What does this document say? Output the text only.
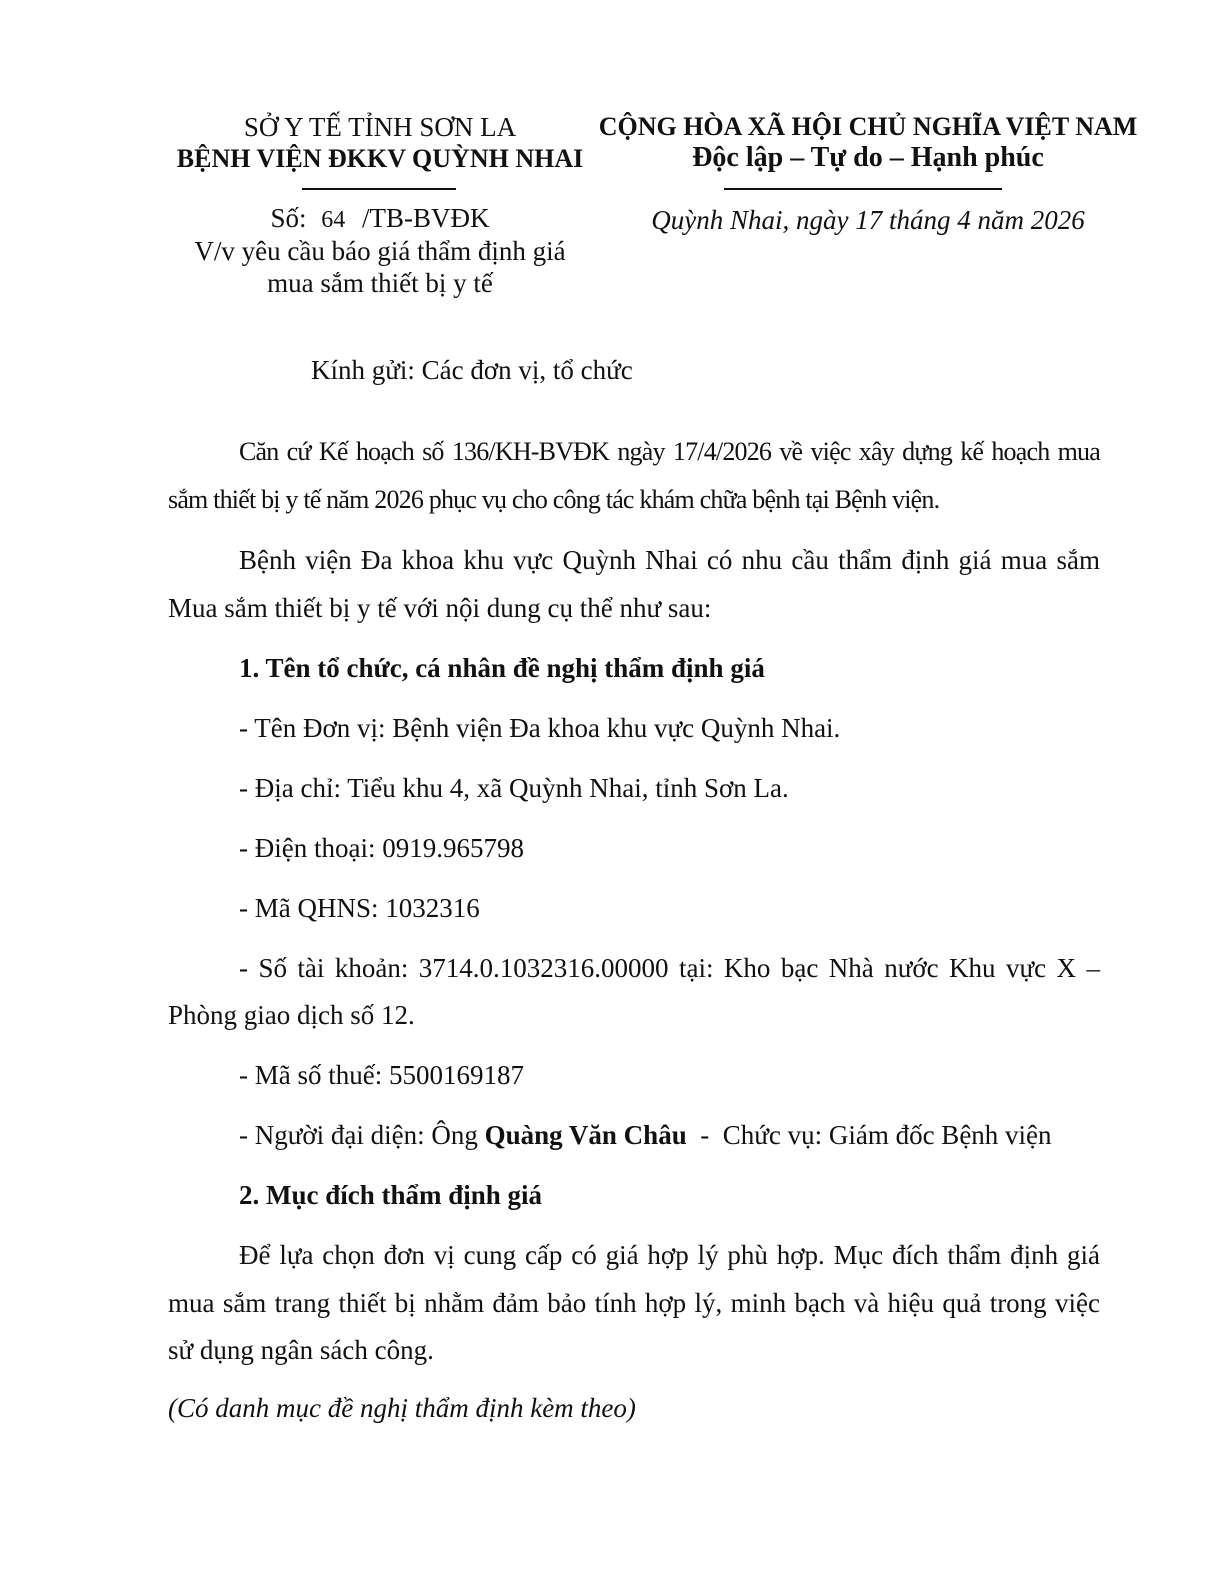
SỞ Y TẾ TỈNH SƠN LA
BỆNH VIỆN ĐKKV QUỲNH NHAI
Số: 64 /TB-BVĐK
V/v yêu cầu báo giá thẩm định giá
mua sắm thiết bị y tế
CỘNG HÒA XÃ HỘI CHỦ NGHĨA VIỆT NAM
Độc lập – Tự do – Hạnh phúc
Quỳnh Nhai, ngày 17 tháng 4 năm 2026
Kính gửi: Các đơn vị, tổ chức
Căn cứ Kế hoạch số 136/KH-BVĐK ngày 17/4/2026 về việc xây dựng kế hoạch mua
sắm thiết bị y tế năm 2026 phục vụ cho công tác khám chữa bệnh tại Bệnh viện.
Bệnh viện Đa khoa khu vực Quỳnh Nhai có nhu cầu thẩm định giá mua sắm
Mua sắm thiết bị y tế với nội dung cụ thể như sau:
1. Tên tổ chức, cá nhân đề nghị thẩm định giá
- Tên Đơn vị: Bệnh viện Đa khoa khu vực Quỳnh Nhai.
- Địa chỉ: Tiểu khu 4, xã Quỳnh Nhai, tỉnh Sơn La.
- Điện thoại: 0919.965798
- Mã QHNS: 1032316
- Số tài khoản: 3714.0.1032316.00000 tại: Kho bạc Nhà nước Khu vực X –
Phòng giao dịch số 12.
- Mã số thuế: 5500169187
- Người đại diện: Ông Quàng Văn Châu  -  Chức vụ: Giám đốc Bệnh viện
2. Mục đích thẩm định giá
Để lựa chọn đơn vị cung cấp có giá hợp lý phù hợp. Mục đích thẩm định giá
mua sắm trang thiết bị nhằm đảm bảo tính hợp lý, minh bạch và hiệu quả trong việc
sử dụng ngân sách công.
(Có danh mục đề nghị thẩm định kèm theo)
